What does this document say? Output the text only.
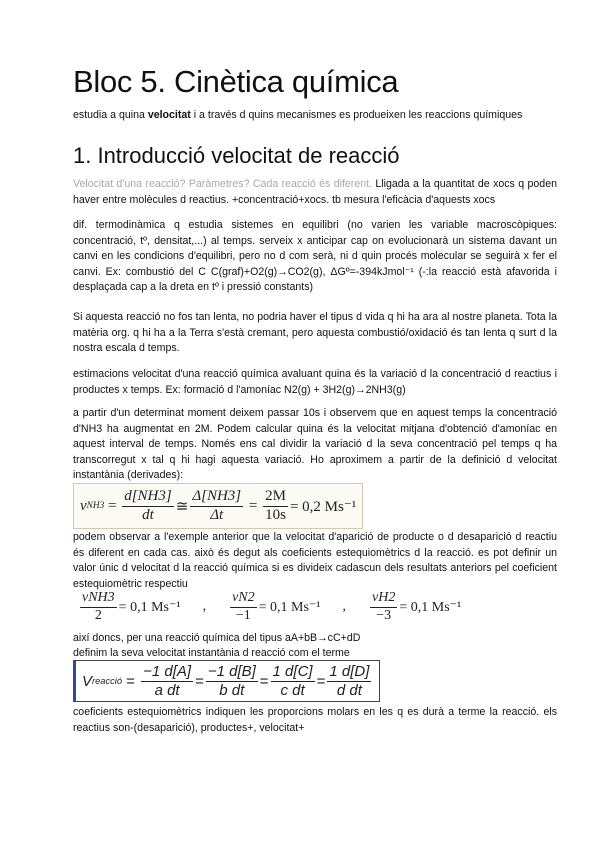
Bloc 5. Cinètica química

estudia a quina velocitat i a través d quins mecanismes es produeixen les reaccions químiques

1. Introducció velocitat de reacció

Velocitat d'una reacció? Paràmetres? Cada reacció és diferent. Lligada a la quantitat de xocs q poden haver entre molècules d reactius. +concentració+xocs. tb mesura l'eficàcia d'aquests xocs

dif. termodinàmica q estudia sistemes en equilibri (no varien les variable macroscòpiques: concentració, tº, densitat,...) al temps. serveix x anticipar cap on evolucionarà un sistema davant un canvi en les condicions d'equilibri, pero no d com serà, ni d quin procés molecular se seguirà x fer el canvi. Ex: combustió del C C(graf)+O2(g)→CO2(g), ΔGº=-394kJmol⁻¹ (-:la reacció està afavorida i desplaçada cap a la dreta en tº i pressió constants)

Si aquesta reacció no fos tan lenta, no podria haver el tipus d vida q hi ha ara al nostre planeta. Tota la matèria org. q hi ha a la Terra s'està cremant, pero aquesta combustió/oxidació és tan lenta q surt d la nostra escala d temps.

estimacions velocitat d'una reacció química avaluant quina és la variació d la concentració d reactius i productes x temps. Ex: formació d l'amoníac N2(g) + 3H2(g)→2NH3(g)

a partir d'un determinat moment deixem passar 10s i observem que en aquest temps la concentració d'NH3 ha augmentat en 2M. Podem calcular quina és la velocitat mitjana d'obtenció d'amoníac en aquest interval de temps. Només ens cal dividir la variació d la seva concentració pel temps q ha transcorregut x tal q hi hagi aquesta variació. Ho aproximem a partir de la definició d velocitat instantània (derivades):

v $NH3 = \frac{d[NH3]}{dt}$ ≅ $\frac{\Delta[NH3]}{\Delta t} = \frac{2M}{10s} = 0,2$ Ms⁻¹

podem observar a l'exemple anterior que la velocitat d'aparició de producte o d desaparició d reactiu és diferent en cada cas. això és degut als coeficients estequiomètrics d la reacció. es pot definir un valor únic d velocitat d la reacció química si es divideix cadascun dels resultats anteriors pel coeficient estequiomètric respectiu

$\frac{\text{vNH3}}{2} = 0,1$ Ms⁻¹ , $\frac{vN2}{-1} = 0,1$ Ms⁻¹ , $\frac{vH2}{-3} = 0,1$ Ms⁻¹

així doncs, per una reacció química del tipus aA+bB→cC+dD

definim la seva velocitat instantània d reacció com el terme

V reacció = $\frac{-1 d[A]}{\text{a dt}} = \frac{-1 d[B]}{\text{b dt}} = \frac{1 d[C]}{\text{c dt}} = \frac{1 d[D]}{\text{d dt}}$

coeficients estequiomètrics indiquen les proporcions molars en les q es durà a terme la reacció. els reactius son-(desaparició), productes+, velocitat+
